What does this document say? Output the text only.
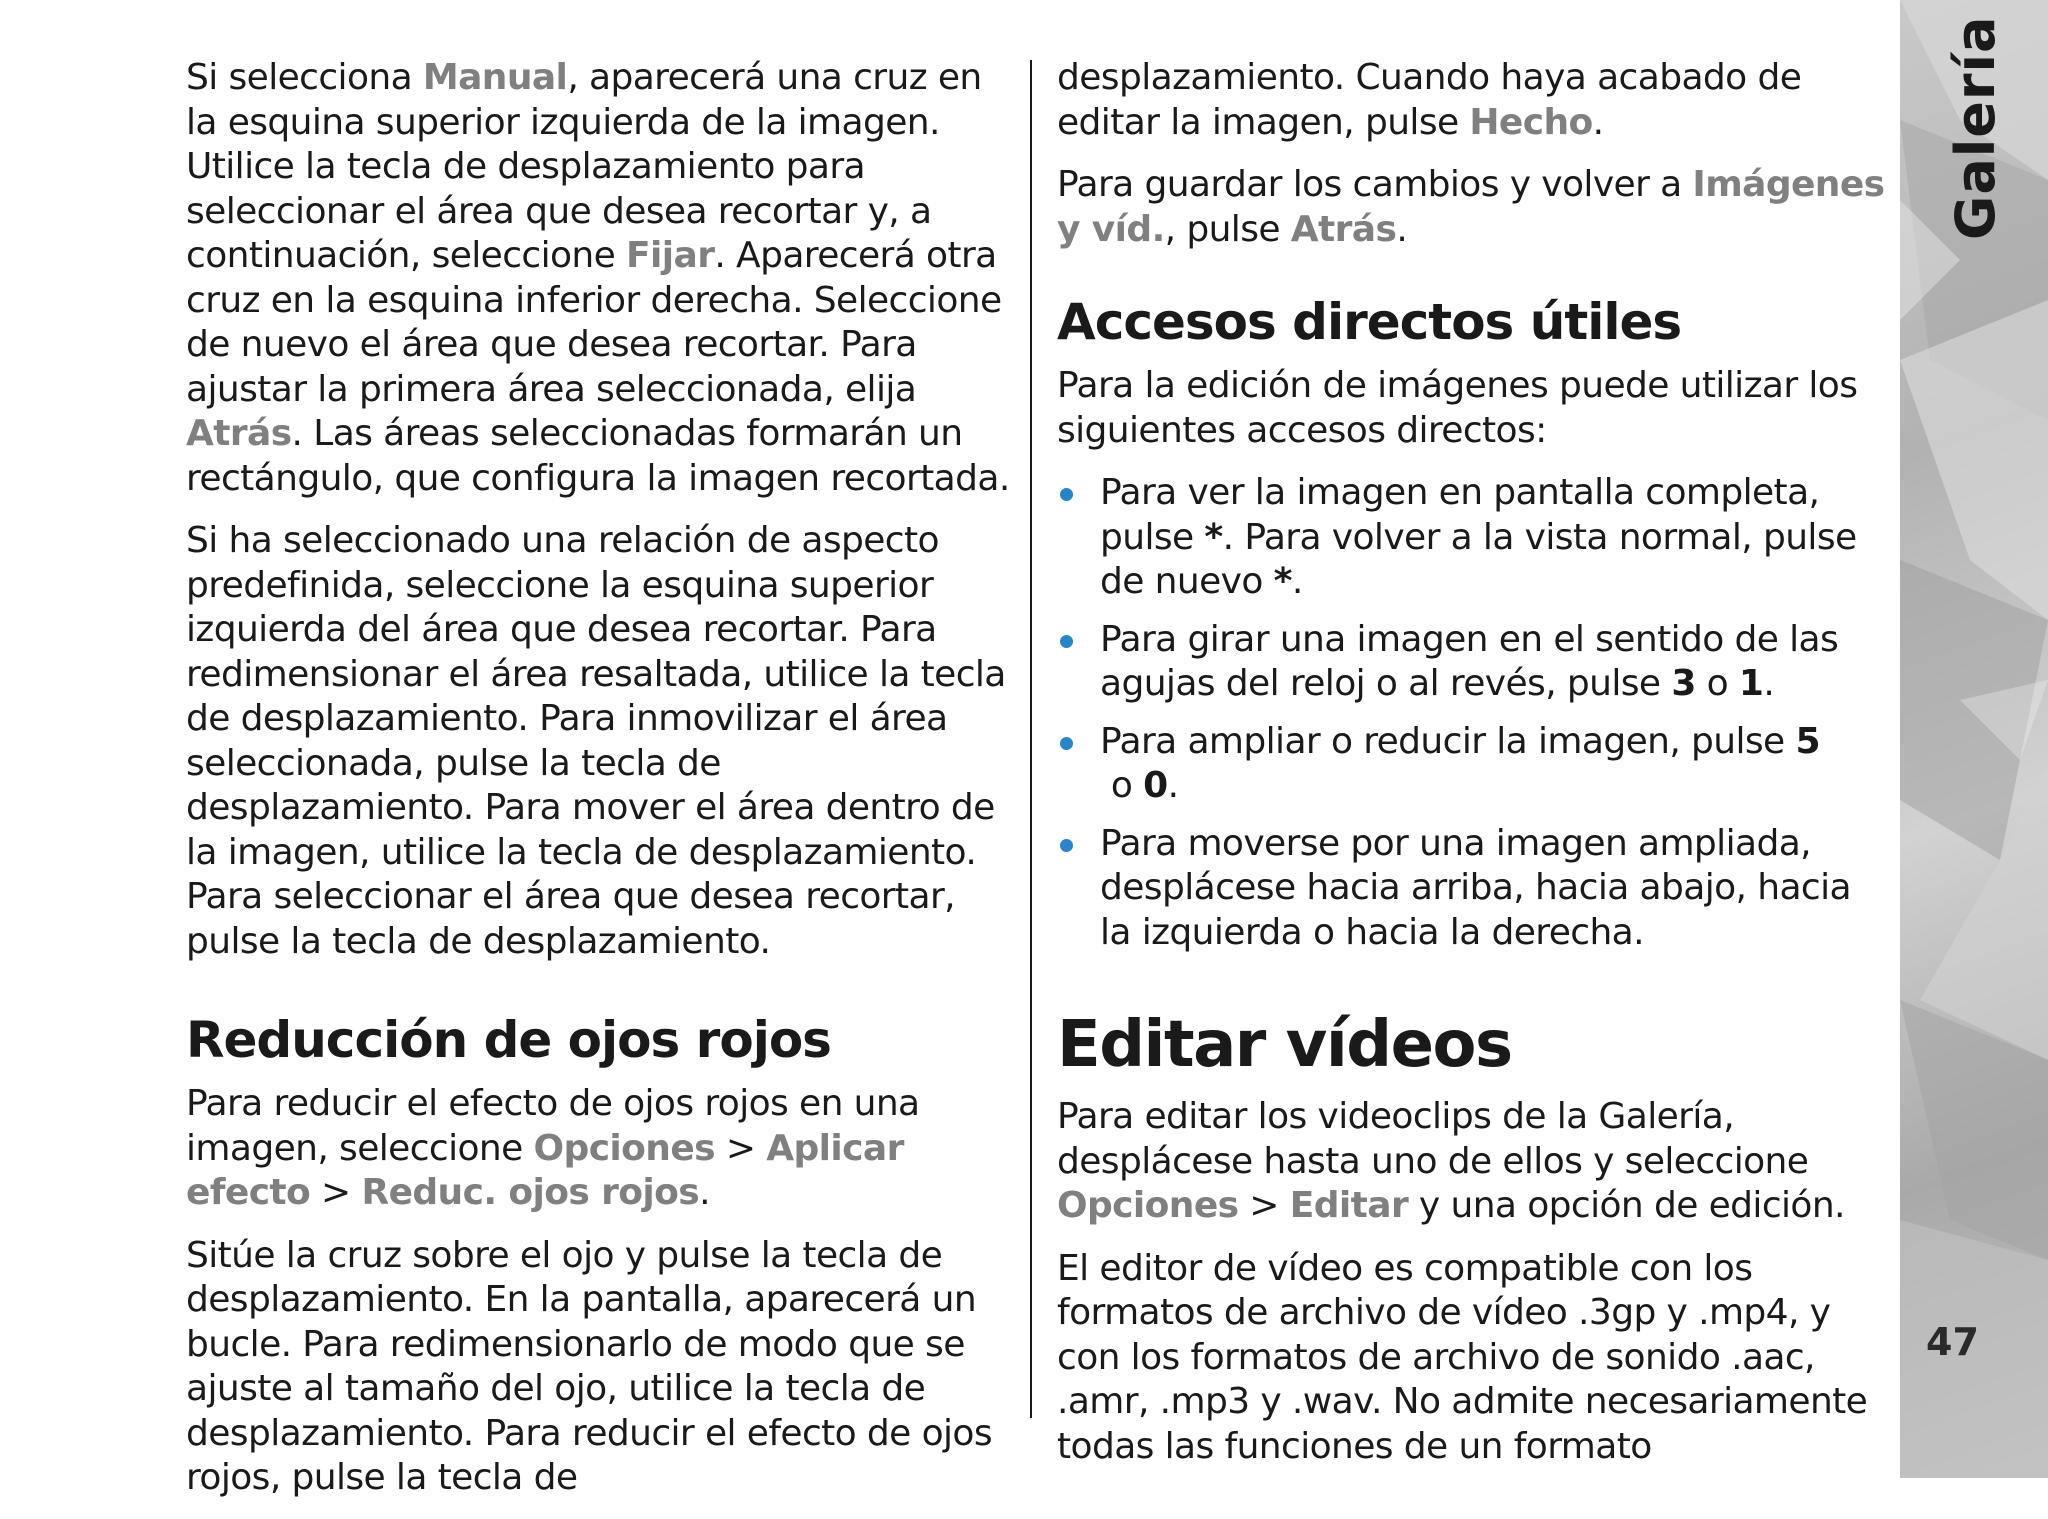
Si selecciona Manual, aparecerá una cruz en la esquina superior izquierda de la imagen. Utilice la tecla de desplazamiento para seleccionar el área que desea recortar y, a continuación, seleccione Fijar. Aparecerá otra cruz en la esquina inferior derecha. Seleccione de nuevo el área que desea recortar. Para ajustar la primera área seleccionada, elija Atrás. Las áreas seleccionadas formarán un rectángulo, que configura la imagen recortada.

Si ha seleccionado una relación de aspecto predefinida, seleccione la esquina superior izquierda del área que desea recortar. Para redimensionar el área resaltada, utilice la tecla de desplazamiento. Para inmovilizar el área seleccionada, pulse la tecla de desplazamiento. Para mover el área dentro de la imagen, utilice la tecla de desplazamiento. Para seleccionar el área que desea recortar, pulse la tecla de desplazamiento.

Reducción de ojos rojos

Para reducir el efecto de ojos rojos en una imagen, seleccione Opciones > Aplicar efecto > Reduc. ojos rojos.

Sitúe la cruz sobre el ojo y pulse la tecla de desplazamiento. En la pantalla, aparecerá un bucle. Para redimensionarlo de modo que se ajuste al tamaño del ojo, utilice la tecla de desplazamiento. Para reducir el efecto de ojos rojos, pulse la tecla de

desplazamiento. Cuando haya acabado de editar la imagen, pulse Hecho.

Para guardar los cambios y volver a Imágenes y víd., pulse Atrás.

Accesos directos útiles

Para la edición de imágenes puede utilizar los siguientes accesos directos:

Para ver la imagen en pantalla completa, pulse *. Para volver a la vista normal, pulse de nuevo *.
Para girar una imagen en el sentido de las agujas del reloj o al revés, pulse 3 o 1.
Para ampliar o reducir la imagen, pulse 5 o 0.
Para moverse por una imagen ampliada, desplácese hacia arriba, hacia abajo, hacia la izquierda o hacia la derecha.
Editar vídeos

Para editar los videoclips de la Galería, desplácese hasta uno de ellos y seleccione Opciones > Editar y una opción de edición.

El editor de vídeo es compatible con los formatos de archivo de vídeo .3gp y .mp4, y con los formatos de archivo de sonido .aac, .amr, .mp3 y .wav. No admite necesariamente todas las funciones de un formato

Galería
47
